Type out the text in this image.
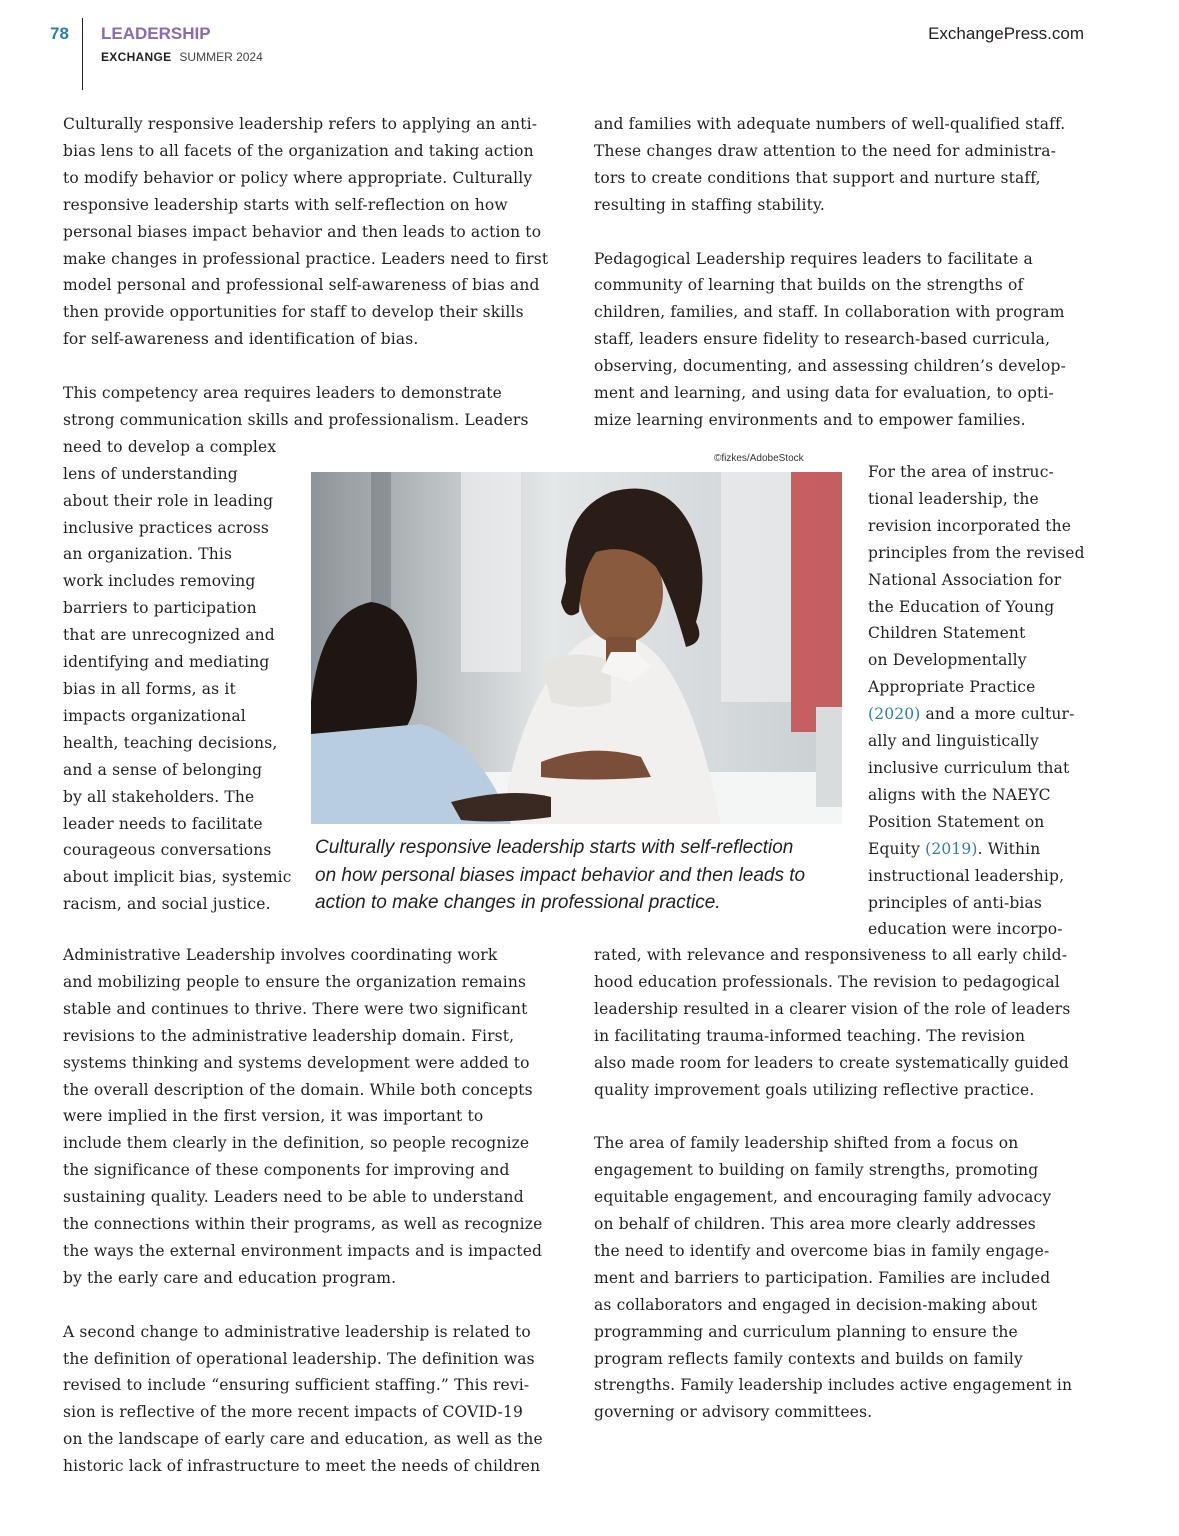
78 LEADERSHIP
EXCHANGE SUMMER 2024
ExchangePress.com

Culturally responsive leadership refers to applying an anti-
bias lens to all facets of the organization and taking action
to modify behavior or policy where appropriate. Culturally
responsive leadership starts with self-reflection on how
personal biases impact behavior and then leads to action to
make changes in professional practice. Leaders need to first
model personal and professional self-awareness of bias and
then provide opportunities for staff to develop their skills
for self-awareness and identification of bias.

This competency area requires leaders to demonstrate
strong communication skills and professionalism. Leaders

need to develop a complex
lens of understanding
about their role in leading
inclusive practices across
an organization. This
work includes removing
barriers to participation
that are unrecognized and
identifying and mediating
bias in all forms, as it
impacts organizational
health, teaching decisions,
and a sense of belonging
by all stakeholders. The
leader needs to facilitate
courageous conversations
about implicit bias, systemic
racism, and social justice.

Administrative Leadership involves coordinating work
and mobilizing people to ensure the organization remains
stable and continues to thrive. There were two significant
revisions to the administrative leadership domain. First,
systems thinking and systems development were added to
the overall description of the domain. While both concepts
were implied in the first version, it was important to
include them clearly in the definition, so people recognize
the significance of these components for improving and
sustaining quality. Leaders need to be able to understand
the connections within their programs, as well as recognize
the ways the external environment impacts and is impacted
by the early care and education program.

A second change to administrative leadership is related to
the definition of operational leadership. The definition was
revised to include “ensuring sufficient staffing.” This revi-
sion is reflective of the more recent impacts of COVID-19
on the landscape of early care and education, as well as the
historic lack of infrastructure to meet the needs of children

and families with adequate numbers of well-qualified staff.
These changes draw attention to the need for administra-
tors to create conditions that support and nurture staff,
resulting in staffing stability.

Pedagogical Leadership requires leaders to facilitate a
community of learning that builds on the strengths of
children, families, and staff. In collaboration with program
staff, leaders ensure fidelity to research-based curricula,
observing, documenting, and assessing children’s develop-
ment and learning, and using data for evaluation, to opti-
mize learning environments and to empower families.

For the area of instruc-
tional leadership, the
revision incorporated the
principles from the revised
National Association for
the Education of Young
Children Statement
on Developmentally
Appropriate Practice
(2020) and a more cultur-
ally and linguistically
inclusive curriculum that
aligns with the NAEYC
Position Statement on
Equity (2019). Within
instructional leadership,
principles of anti-bias
education were incorpo-

rated, with relevance and responsiveness to all early child-
hood education professionals. The revision to pedagogical
leadership resulted in a clearer vision of the role of leaders
in facilitating trauma-informed teaching. The revision
also made room for leaders to create systematically guided
quality improvement goals utilizing reflective practice.

The area of family leadership shifted from a focus on
engagement to building on family strengths, promoting
equitable engagement, and encouraging family advocacy
on behalf of children. This area more clearly addresses
the need to identify and overcome bias in family engage-
ment and barriers to participation. Families are included
as collaborators and engaged in decision-making about
programming and curriculum planning to ensure the
program reflects family contexts and builds on family
strengths. Family leadership includes active engagement in
governing or advisory committees.

©fizkes/AdobeStock
Culturally responsive leadership starts with self-reflection
on how personal biases impact behavior and then leads to
action to make changes in professional practice.
